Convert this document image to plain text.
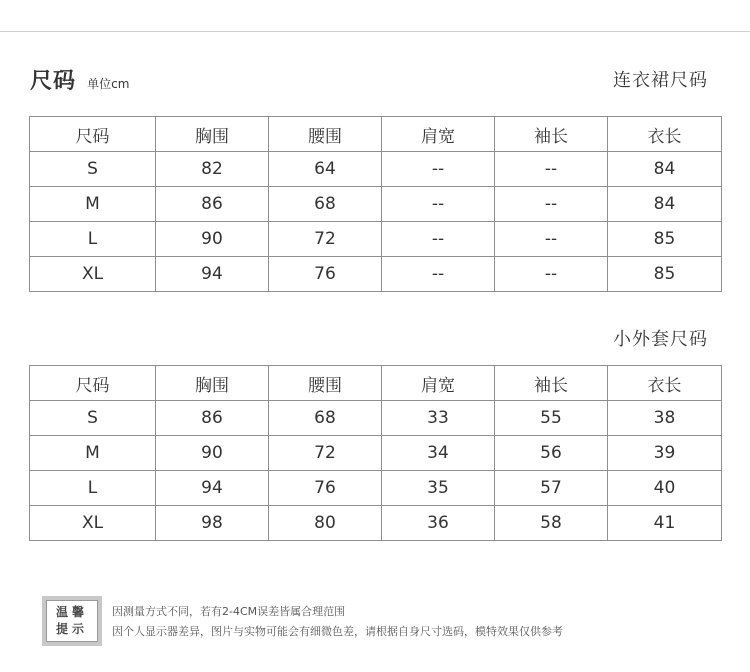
尺码 单位cm	连衣裙尺码
尺码	胸围	腰围	肩宽	袖长	衣长
S	82	64	--	--	84
M	86	68	--	--	84
L	90	72	--	--	85
XL	94	76	--	--	85
小外套尺码
尺码	胸围	腰围	肩宽	袖长	衣长
S	86	68	33	55	38
M	90	72	34	56	39
L	94	76	35	57	40
XL	98	80	36	58	41
温馨
提示
因测量方式不同，若有2-4CM误差皆属合理范围
因个人显示器差异，图片与实物可能会有细微色差，请根据自身尺寸选码，模特效果仅供参考
